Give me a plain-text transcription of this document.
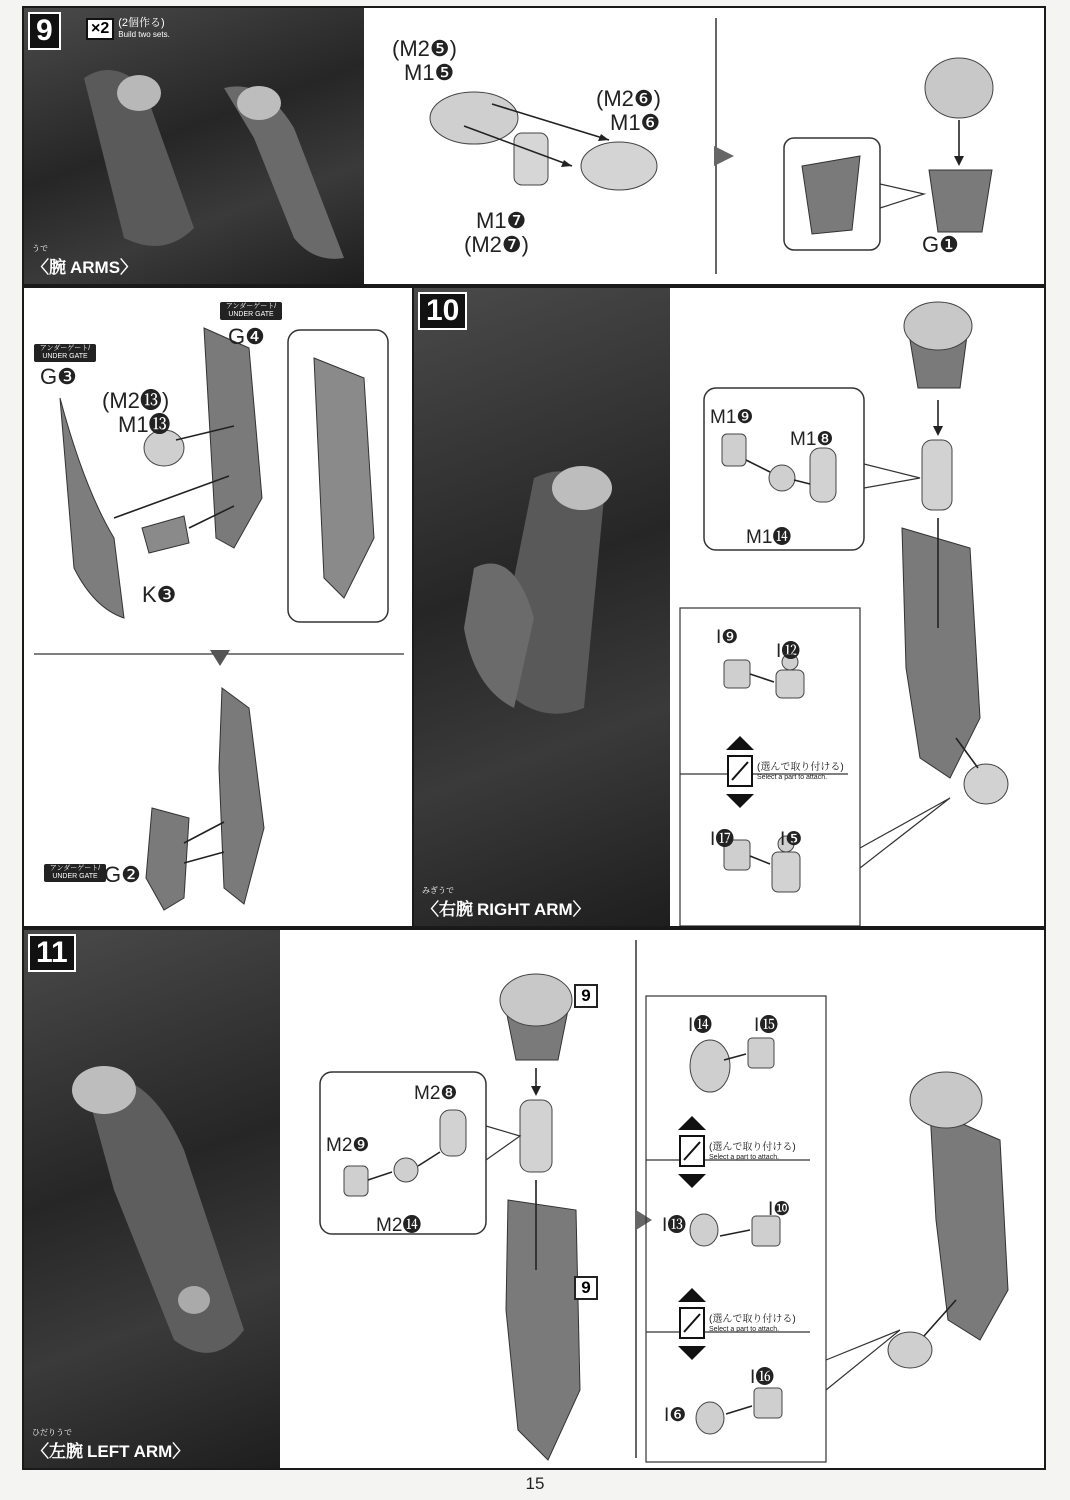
9	×2 (2個作る)
Build two sets.
うで
〈腕 ARMS〉
(M2❺)
M1❺
(M2❻)
M1❻
M1❼
(M2❼)	G❶
アンダーゲート/ UNDER GATE
G❸
アンダーゲート/ UNDER GATE
G❹
(M2⓭)
M1⓭
K❸
アンダーゲート/ UNDER GATE G❷
10
みぎうで
〈右腕 RIGHT ARM〉
M1❾
M1❽
M1⓮
I❾
I⓬
(選んで取り付ける)
Select a part to attach.
I⓱ I❺
11
ひだりうで
〈左腕 LEFT ARM〉
9
9
M2❽
M2❾
M2⓮
I⓮ I⓯
(選んで取り付ける)
Select a part to attach.
I⓭
I❿
(選んで取り付ける)
Select a part to attach.
I⓰
I❻
15
